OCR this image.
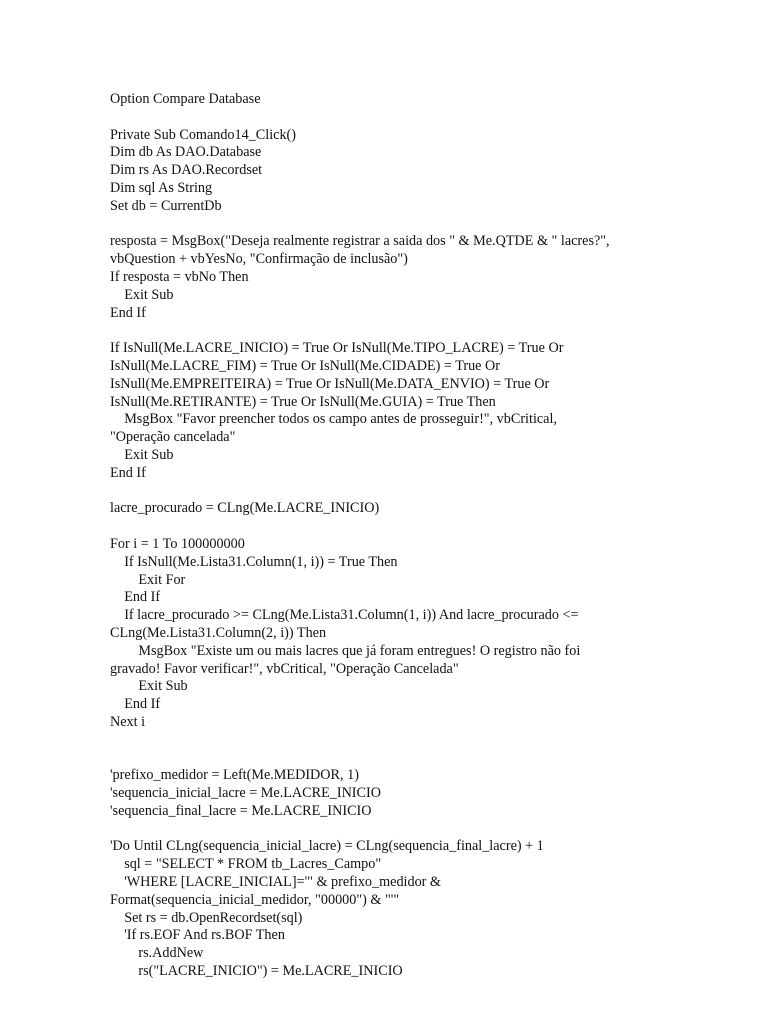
Option Compare Database
Private Sub Comando14_Click()
Dim db As DAO.Database
Dim rs As DAO.Recordset
Dim sql As String
Set db = CurrentDb
resposta = MsgBox("Deseja realmente registrar a saida dos " & Me.QTDE & " lacres?",
vbQuestion + vbYesNo, "Confirmação de inclusão")
If resposta = vbNo Then
Exit Sub
End If
If IsNull(Me.LACRE_INICIO) = True Or IsNull(Me.TIPO_LACRE) = True Or
IsNull(Me.LACRE_FIM) = True Or IsNull(Me.CIDADE) = True Or
IsNull(Me.EMPREITEIRA) = True Or IsNull(Me.DATA_ENVIO) = True Or
IsNull(Me.RETIRANTE) = True Or IsNull(Me.GUIA) = True Then
MsgBox "Favor preencher todos os campo antes de prosseguir!", vbCritical,
"Operação cancelada"
Exit Sub
End If
lacre_procurado = CLng(Me.LACRE_INICIO)
For i = 1 To 100000000
If IsNull(Me.Lista31.Column(1, i)) = True Then
Exit For
End If
If lacre_procurado >= CLng(Me.Lista31.Column(1, i)) And lacre_procurado <=
CLng(Me.Lista31.Column(2, i)) Then
MsgBox "Existe um ou mais lacres que já foram entregues! O registro não foi
gravado! Favor verificar!", vbCritical, "Operação Cancelada"
Exit Sub
End If
Next i
'prefixo_medidor = Left(Me.MEDIDOR, 1)
'sequencia_inicial_lacre = Me.LACRE_INICIO
'sequencia_final_lacre = Me.LACRE_INICIO
'Do Until CLng(sequencia_inicial_lacre) = CLng(sequencia_final_lacre) + 1
sql = "SELECT * FROM tb_Lacres_Campo"
'WHERE [LACRE_INICIAL]='" & prefixo_medidor &
Format(sequencia_inicial_medidor, "00000") & "'"
Set rs = db.OpenRecordset(sql)
'If rs.EOF And rs.BOF Then
rs.AddNew
rs("LACRE_INICIO") = Me.LACRE_INICIO
